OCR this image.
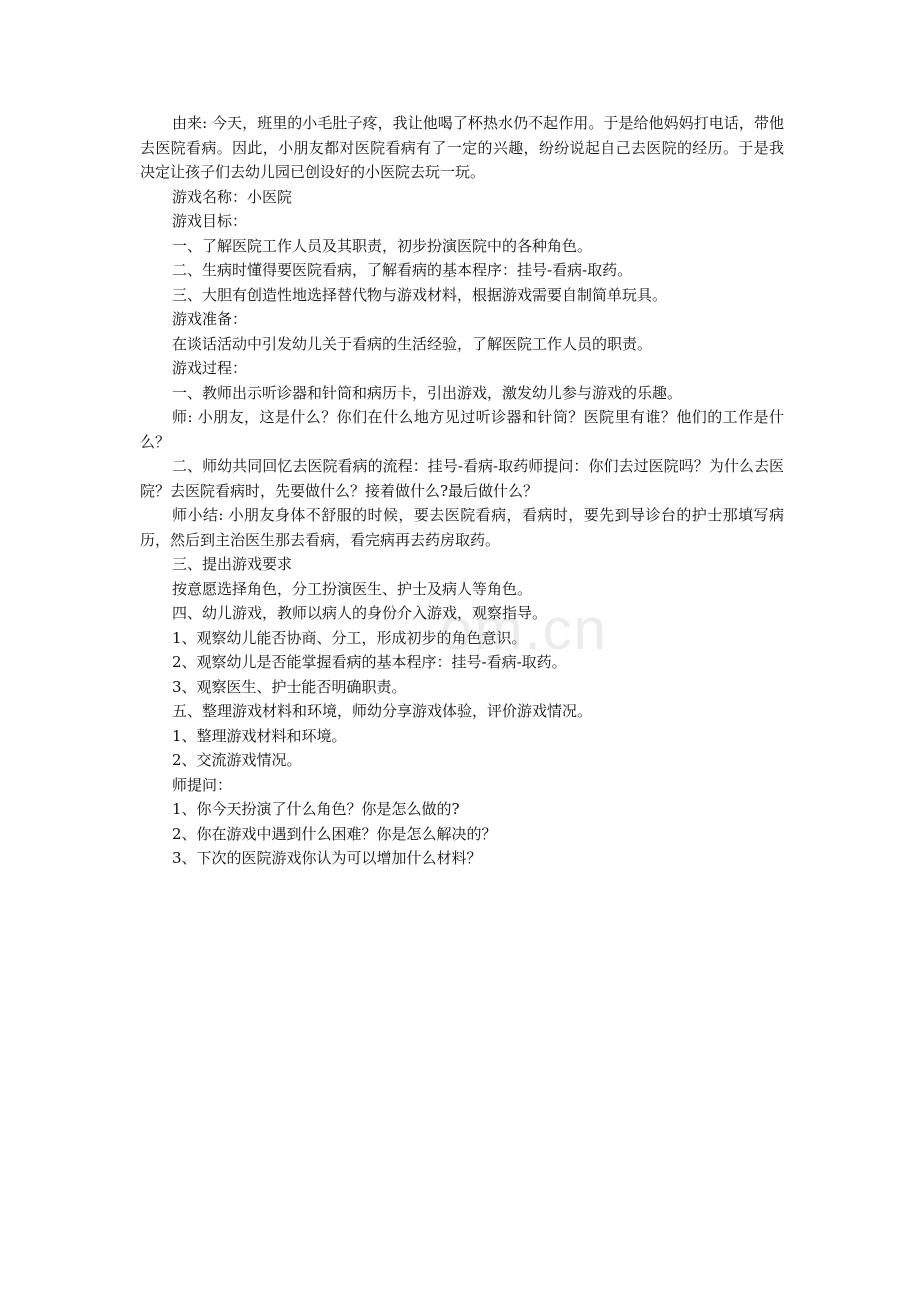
由来: 今天，班里的小毛肚子疼，我让他喝了杯热水仍不起作用。于是给他妈妈打电话，带他去医院看病。因此，小朋友都对医院看病有了一定的兴趣，纷纷说起自己去医院的经历。于是我决定让孩子们去幼儿园已创设好的小医院去玩一玩。

游戏名称：小医院

游戏目标：

一、了解医院工作人员及其职责，初步扮演医院中的各种角色。

二、生病时懂得要医院看病，了解看病的基本程序：挂号-看病-取药。

三、大胆有创造性地选择替代物与游戏材料，根据游戏需要自制简单玩具。

游戏准备：

在谈话活动中引发幼儿关于看病的生活经验，了解医院工作人员的职责。

游戏过程：

一、教师出示听诊器和针筒和病历卡，引出游戏，激发幼儿参与游戏的乐趣。

师: 小朋友，这是什么？你们在什么地方见过听诊器和针筒？医院里有谁？他们的工作是什么？

二、师幼共同回忆去医院看病的流程：挂号-看病-取药师提问：你们去过医院吗？为什么去医院？去医院看病时，先要做什么？接着做什么?最后做什么？

师小结: 小朋友身体不舒服的时候，要去医院看病，看病时，要先到导诊台的护士那填写病历，然后到主治医生那去看病，看完病再去药房取药。

三、提出游戏要求

按意愿选择角色，分工扮演医生、护士及病人等角色。

四、幼儿游戏，教师以病人的身份介入游戏，观察指导。

1、观察幼儿能否协商、分工，形成初步的角色意识。

2、观察幼儿是否能掌握看病的基本程序：挂号-看病-取药。

3、观察医生、护士能否明确职责。

五、整理游戏材料和环境，师幼分享游戏体验，评价游戏情况。

1、整理游戏材料和环境。

2、交流游戏情况。

师提问：

1、你今天扮演了什么角色？你是怎么做的?

2、你在游戏中遇到什么困难？你是怎么解决的？

3、下次的医院游戏你认为可以增加什么材料？

om.cn
